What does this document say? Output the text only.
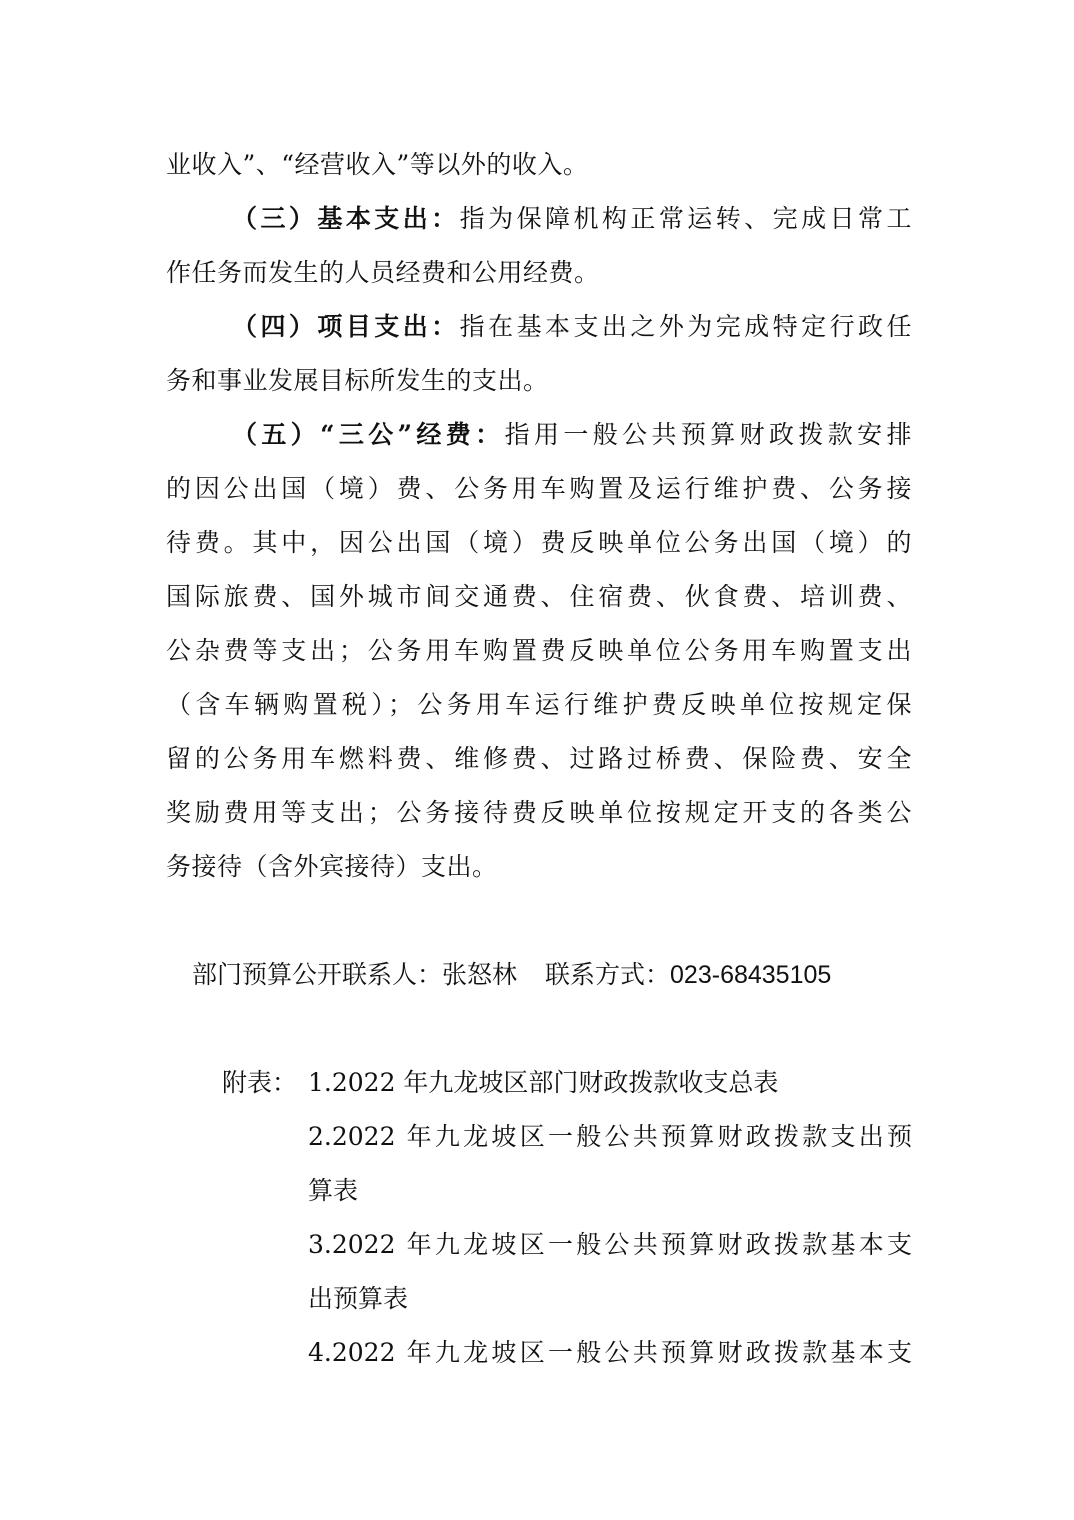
业收入”、“经营收入”等以外的收入。
（三）基本支出：指为保障机构正常运转、完成日常工
作任务而发生的人员经费和公用经费。
（四）项目支出：指在基本支出之外为完成特定行政任
务和事业发展目标所发生的支出。
（五）“三公”经费：指用一般公共预算财政拨款安排
的因公出国（境）费、公务用车购置及运行维护费、公务接
待费。其中，因公出国（境）费反映单位公务出国（境）的
国际旅费、国外城市间交通费、住宿费、伙食费、培训费、
公杂费等支出；公务用车购置费反映单位公务用车购置支出
（含车辆购置税）；公务用车运行维护费反映单位按规定保
留的公务用车燃料费、维修费、过路过桥费、保险费、安全
奖励费用等支出；公务接待费反映单位按规定开支的各类公
务接待（含外宾接待）支出。
部门预算公开联系人：张怒林 联系方式：023-68435105
附表： 1.2022 年九龙坡区部门财政拨款收支总表
2.2022 年九龙坡区一般公共预算财政拨款支出预
算表
3.2022 年九龙坡区一般公共预算财政拨款基本支
出预算表
4.2022 年九龙坡区一般公共预算财政拨款基本支
